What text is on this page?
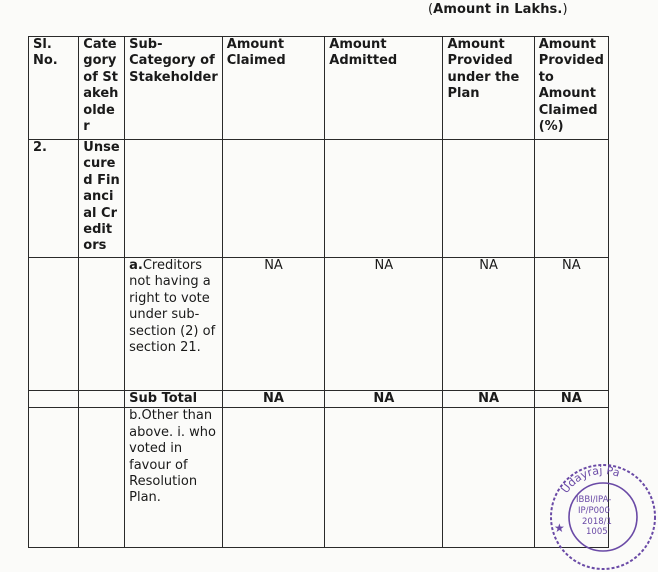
(Amount in Lakhs.)
Sl. No.	Category of Stakeholder	Sub-Category of Stakeholder	Amount Claimed	Amount Admitted	Amount Provided under the Plan	Amount Provided to Amount Claimed (%)
2.	Unsecured Financial Creditors					
		a.Creditors not having a right to vote under sub-section (2) of section 21.	NA	NA	NA	NA
		Sub Total	NA	NA	NA	NA
		b.Other than above. i. who voted in favour of Resolution Plan.				
Udayraj Pa
IBBI/IPA-
IP/P000
2018/1
1005
★
